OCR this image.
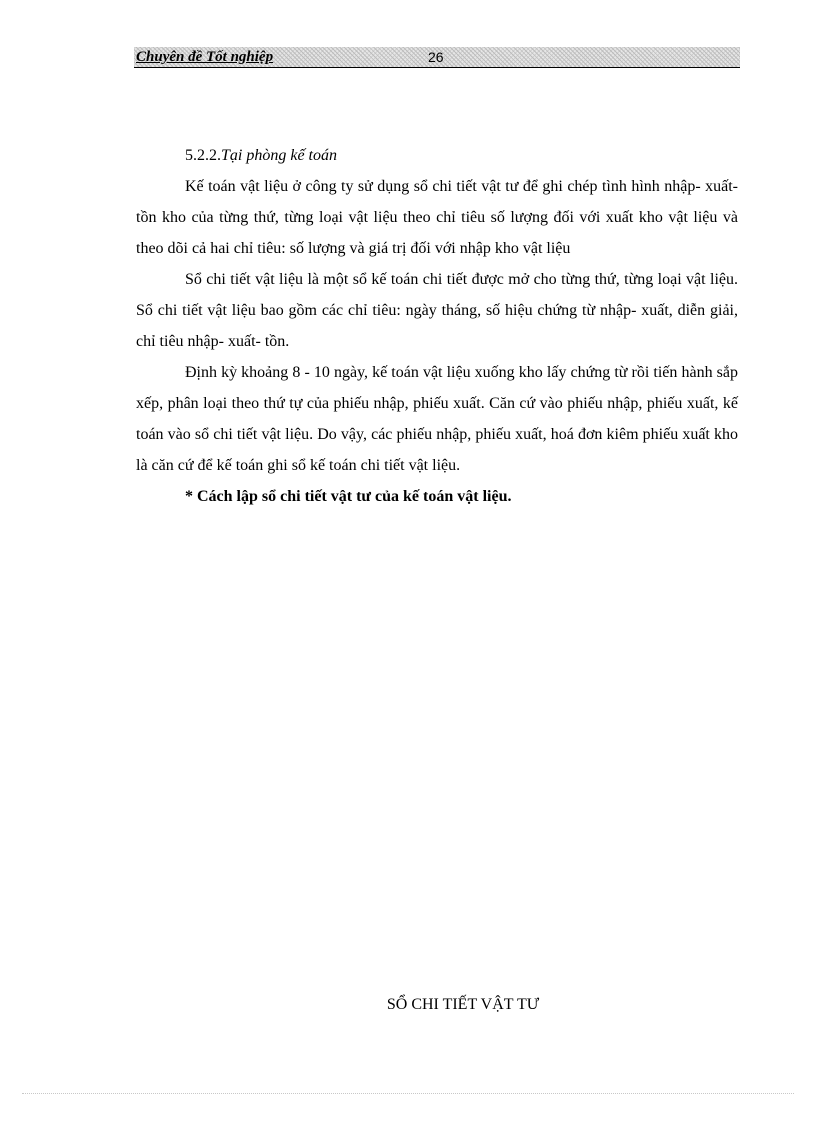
Chuyên đề Tốt nghiệp	26
5.2.2.Tại phòng kế toán

Kế toán vật liệu ở công ty sử dụng sổ chi tiết vật tư để ghi chép tình hình nhập- xuất- tồn kho của từng thứ, từng loại vật liệu theo chỉ tiêu số lượng đối với xuất kho vật liệu và theo dõi cả hai chỉ tiêu: số lượng và giá trị đối với nhập kho vật liệu

Sổ chi tiết vật liệu là một sổ kế toán chi tiết được mở cho từng thứ, từng loại vật liệu. Sổ chi tiết vật liệu bao gồm các chỉ tiêu: ngày tháng, số hiệu chứng từ nhập- xuất, diễn giải, chỉ tiêu nhập- xuất- tồn.

Định kỳ khoảng 8 - 10 ngày, kế toán vật liệu xuống kho lấy chứng từ rồi tiến hành sắp xếp, phân loại theo thứ tự của phiếu nhập, phiếu xuất. Căn cứ vào phiếu nhập, phiếu xuất, kế toán vào sổ chi tiết vật liệu. Do vậy, các phiếu nhập, phiếu xuất, hoá đơn kiêm phiếu xuất kho là căn cứ để kế toán ghi sổ kế toán chi tiết vật liệu.

* Cách lập sổ chi tiết vật tư của kế toán vật liệu.

SỔ CHI TIẾT VẬT TƯ
